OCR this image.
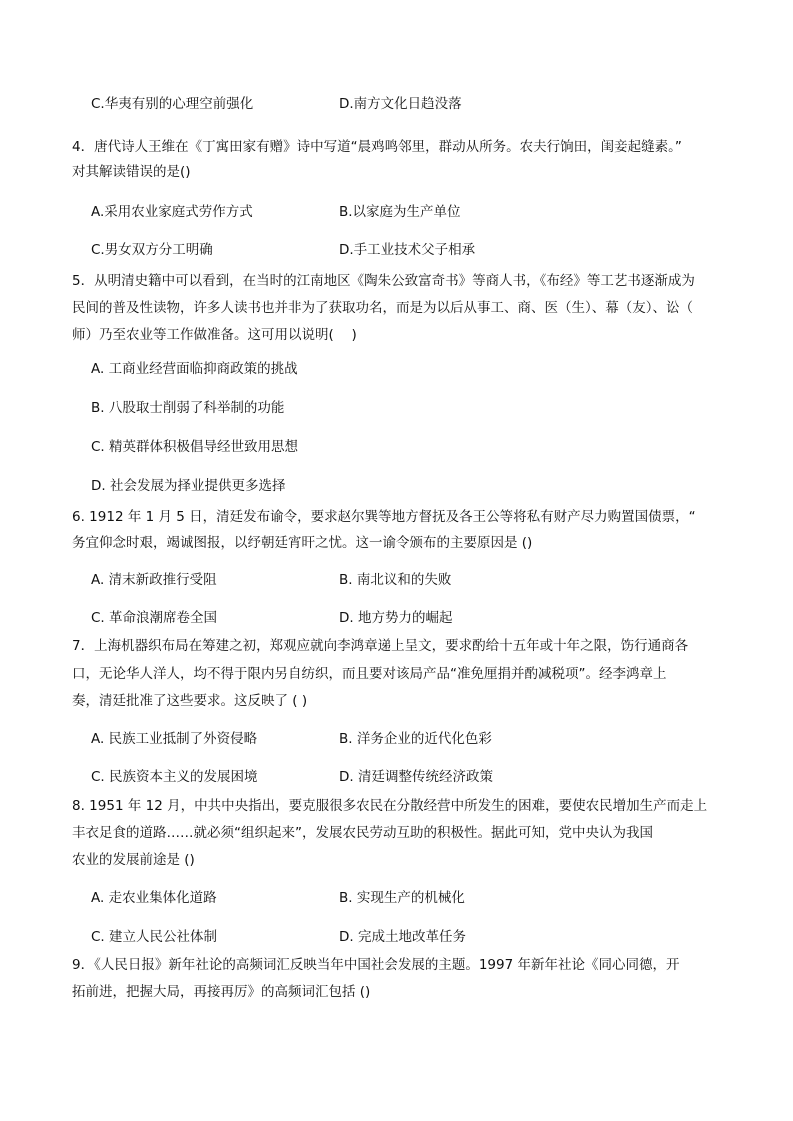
C.华夷有别的心理空前强化	D.南方文化日趋没落
4．唐代诗人王维在《丁寓田家有赠》诗中写道“晨鸡鸣邻里，群动从所务。农夫行饷田，闺妾起缝素。”
对其解读错误的是()
A.采用农业家庭式劳作方式	B.以家庭为生产单位
C.男女双方分工明确	D.手工业技术父子相承
5．从明清史籍中可以看到，在当时的江南地区《陶朱公致富奇书》等商人书，《布经》等工艺书逐渐成为
民间的普及性读物，许多人读书也并非为了获取功名，而是为以后从事工、商、医（生）、幕（友）、讼（
师）乃至农业等工作做准备。这可用以说明(　 )
A. 工商业经营面临抑商政策的挑战
B. 八股取士削弱了科举制的功能
C. 精英群体积极倡导经世致用思想
D. 社会发展为择业提供更多选择
6. 1912 年 1 月 5 日，清廷发布谕令，要求赵尔巽等地方督抚及各王公等将私有财产尽力购置国债票，“
务宜仰念时艰，竭诚图报，以纾朝廷宵旰之忧。这一谕令颁布的主要原因是 ()
A. 清末新政推行受阻	B. 南北议和的失败
C. 革命浪潮席卷全国	D. 地方势力的崛起
7．上海机器织布局在筹建之初，郑观应就向李鸿章递上呈文，要求酌给十五年或十年之限，饬行通商各
口，无论华人洋人，均不得于限内另自纺织，而且要对该局产品“准免厘捐并酌减税项”。经李鸿章上
奏，清廷批准了这些要求。这反映了 ( )
A. 民族工业抵制了外资侵略	B. 洋务企业的近代化色彩
C. 民族资本主义的发展困境	D. 清廷调整传统经济政策
8. 1951 年 12 月，中共中央指出，要克服很多农民在分散经营中所发生的困难，要使农民增加生产而走上
丰衣足食的道路……就必须“组织起来”，发展农民劳动互助的积极性。据此可知，党中央认为我国
农业的发展前途是 ()
A. 走农业集体化道路	B. 实现生产的机械化
C. 建立人民公社体制	D. 完成土地改革任务
9．《人民日报》新年社论的高频词汇反映当年中国社会发展的主题。1997 年新年社论《同心同德，开
拓前进，把握大局，再接再厉》的高频词汇包括 ()
